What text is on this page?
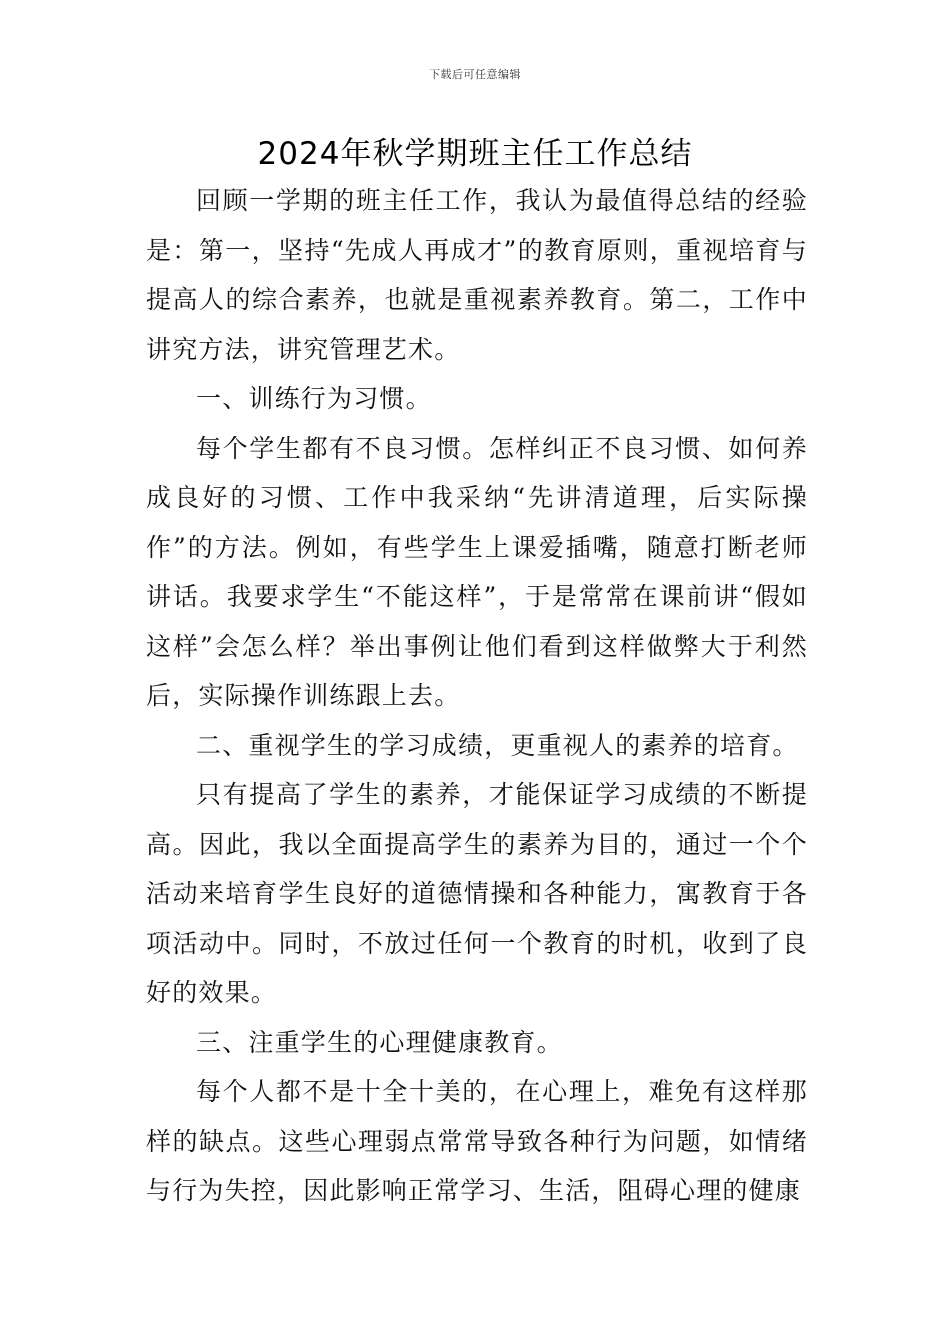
下载后可任意编辑
2024年秋学期班主任工作总结

回顾一学期的班主任工作，我认为最值得总结的经验是：第一，坚持“先成人再成才”的教育原则，重视培育与提高人的综合素养，也就是重视素养教育。第二，工作中讲究方法，讲究管理艺术。

一、训练行为习惯。

每个学生都有不良习惯。怎样纠正不良习惯、如何养成良好的习惯、工作中我采纳“先讲清道理，后实际操作”的方法。例如，有些学生上课爱插嘴，随意打断老师讲话。我要求学生“不能这样”，于是常常在课前讲“假如这样”会怎么样？举出事例让他们看到这样做弊大于利然后，实际操作训练跟上去。

二、重视学生的学习成绩，更重视人的素养的培育。

只有提高了学生的素养，才能保证学习成绩的不断提高。因此，我以全面提高学生的素养为目的，通过一个个活动来培育学生良好的道德情操和各种能力，寓教育于各项活动中。同时，不放过任何一个教育的时机，收到了良好的效果。

三、注重学生的心理健康教育。

每个人都不是十全十美的，在心理上，难免有这样那样的缺点。这些心理弱点常常导致各种行为问题，如情绪与行为失控，因此影响正常学习、生活，阻碍心理的健康
